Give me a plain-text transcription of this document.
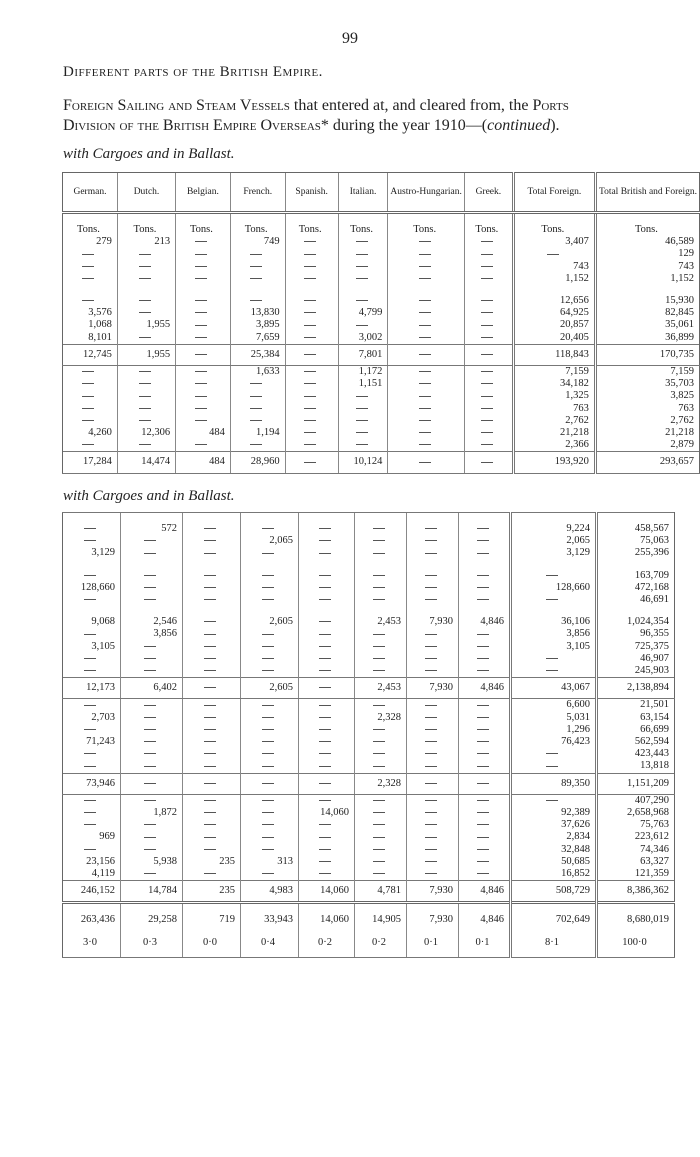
99
Different parts of the British Empire.
Foreign Sailing and Steam Vessels that entered at, and cleared from, the Ports
Division of the British Empire Overseas* during the year 1910—(continued).
with Cargoes and in Ballast.
German.	Dutch.	Belgian.	French.	Spanish.	Italian.	Austro-Hungarian.	Greek.	Total Foreign.	Total British and Foreign.
Tons.	Tons.	Tons.	Tons.	Tons.	Tons.	Tons.	Tons.	Tons.	Tons.
279	213		749					3,407	46,589
									129
								743	743
								1,152	1,152

								12,656	15,930
3,576			13,830		4,799			64,925	82,845
1,068	1,955		3,895					20,857	35,061
8,101			7,659		3,002			20,405	36,899
12,745	1,955		25,384		7,801			118,843	170,735
			1,633		1,172			7,159	7,159
					1,151			34,182	35,703
								1,325	3,825
								763	763
								2,762	2,762
4,260	12,306	484	1,194					21,218	21,218
								2,366	2,879
17,284	14,474	484	28,960		10,124			193,920	293,657
with Cargoes and in Ballast.

	572							9,224	458,567
			2,065					2,065	75,063
3,129								3,129	255,396

									163,709
128,660								128,660	472,168
									46,691

9,068	2,546		2,605		2,453	7,930	4,846	36,106	1,024,354
	3,856							3,856	96,355
3,105								3,105	725,375
									46,907
									245,903
12,173	6,402		2,605		2,453	7,930	4,846	43,067	2,138,894
								6,600	21,501
2,703					2,328			5,031	63,154
								1,296	66,699
71,243								76,423	562,594
									423,443
									13,818
73,946					2,328			89,350	1,151,209
									407,290
	1,872			14,060				92,389	2,658,968
								37,626	75,763
969								2,834	223,612
								32,848	74,346
23,156	5,938	235	313					50,685	63,327
4,119								16,852	121,359
246,152	14,784	235	4,983	14,060	4,781	7,930	4,846	508,729	8,386,362
263,436	29,258	719	33,943	14,060	14,905	7,930	4,846	702,649	8,680,019
3·0	0·3	0·0	0·4	0·2	0·2	0·1	0·1	8·1	100·0
